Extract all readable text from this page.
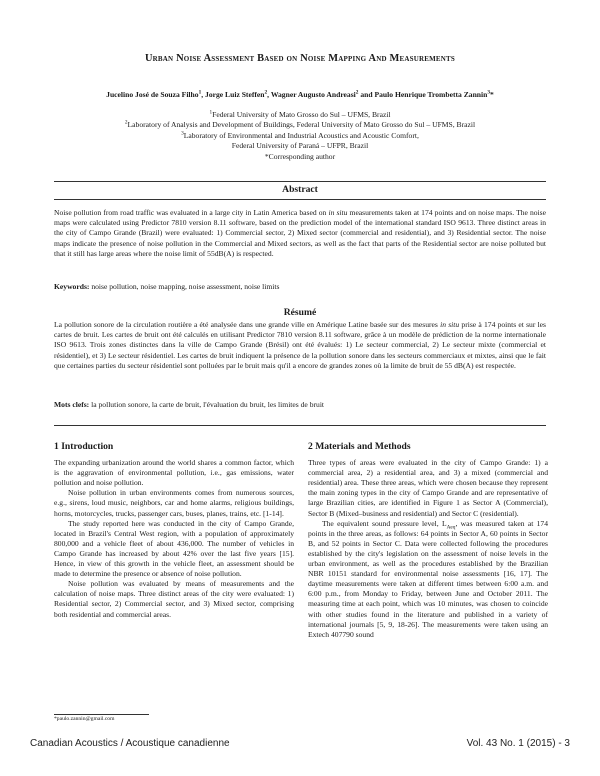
Urban Noise Assessment Based on Noise Mapping And Measurements
Jucelino José de Souza Filho$^1$, Jorge Luiz Steffen$^2$, Wagner Augusto Andreasi$^2$ and Paulo Henrique Trombetta Zannin$^3$*
$^1$Federal University of Mato Grosso do Sul – UFMS, Brazil
$^2$Laboratory of Analysis and Development of Buildings, Federal University of Mato Grosso do Sul – UFMS, Brazil
$^3$Laboratory of Environmental and Industrial Acoustics and Acoustic Comfort,
Federal University of Paraná – UFPR, Brazil
*Corresponding author
Abstract
Noise pollution from road traffic was evaluated in a large city in Latin America based on in situ measurements taken at 174 points and on noise maps. The noise maps were calculated using Predictor 7810 version 8.11 software, based on the prediction model of the international standard ISO 9613. Three distinct areas in the city of Campo Grande (Brazil) were evaluated: 1) Commercial sector, 2) Mixed sector (commercial and residential), and 3) Residential sector. The noise maps indicate the presence of noise pollution in the Commercial and Mixed sectors, as well as the fact that parts of the Residential sector are noise polluted but that it still has large areas where the noise limit of 55dB(A) is respected.
Keywords: noise pollution, noise mapping, noise assessment, noise limits
Résumé
La pollution sonore de la circulation routière a été analysée dans une grande ville en Amérique Latine basée sur des mesures in situ prise à 174 points et sur les cartes de bruit. Les cartes de bruit ont été calculés en utilisant Predictor 7810 version 8.11 software, grâce à un modèle de prédiction de la norme internationale ISO 9613. Trois zones distinctes dans la ville de Campo Grande (Brésil) ont été évalués: 1) Le secteur commercial, 2) Le secteur mixte (commercial et résidentiel), et 3) Le secteur résidentiel. Les cartes de bruit indiquent la présence de la pollution sonore dans les secteurs commerciaux et mixtes, ainsi que le fait que certaines parties du secteur résidentiel sont polluées par le bruit mais qu'il a encore de grandes zones où la limite de bruit de 55 dB(A) est respectée.
Mots clefs: la pollution sonore, la carte de bruit, l'évaluation du bruit, les limites de bruit
1 Introduction

The expanding urbanization around the world shares a common factor, which is the aggravation of environmental pollution, i.e., gas emissions, water pollution and noise pollution.

Noise pollution in urban environments comes from numerous sources, e.g., sirens, loud music, neighbors, car and home alarms, religious buildings, horns, motorcycles, trucks, passenger cars, buses, planes, trains, etc. [1-14].

The study reported here was conducted in the city of Campo Grande, located in Brazil's Central West region, with a population of approximately 800,000 and a vehicle fleet of about 436,000. The number of vehicles in Campo Grande has increased by about 42% over the last five years [15]. Hence, in view of this growth in the vehicle fleet, an assessment should be made to determine the presence or absence of noise pollution.

Noise pollution was evaluated by means of measurements and the calculation of noise maps. Three distinct areas of the city were evaluated: 1) Residential sector, 2) Commercial sector, and 3) Mixed sector, comprising both residential and commercial areas.

2 Materials and Methods

Three types of areas were evaluated in the city of Campo Grande: 1) a commercial area, 2) a residential area, and 3) a mixed (commercial and residential) area. These three areas, which were chosen because they represent the main zoning types in the city of Campo Grande and are representative of large Brazilian cities, are identified in Figure 1 as Sector A (Commercial), Sector B (Mixed–business and residential) and Sector C (residential).

The equivalent sound pressure level, $L_{Aeq}$, was measured taken at 174 points in the three areas, as follows: 64 points in Sector A, 60 points in Sector B, and 52 points in Sector C. Data were collected following the procedures established by the city's legislation on the assessment of noise levels in the urban environment, as well as the procedures established by the Brazilian NBR 10151 standard for environmental noise assessments [16, 17]. The daytime measurements were taken at different times between 6:00 a.m. and 6:00 p.m., from Monday to Friday, between June and October 2011. The measuring time at each point, which was 10 minutes, was chosen to coincide with other studies found in the literature and published in a variety of international journals [5, 9, 18-26]. The measurements were taken using an Extech 407790 sound

*paulo.zannin@gmail.com
Canadian Acoustics / Acoustique canadienne	Vol. 43 No. 1 (2015) - 3
